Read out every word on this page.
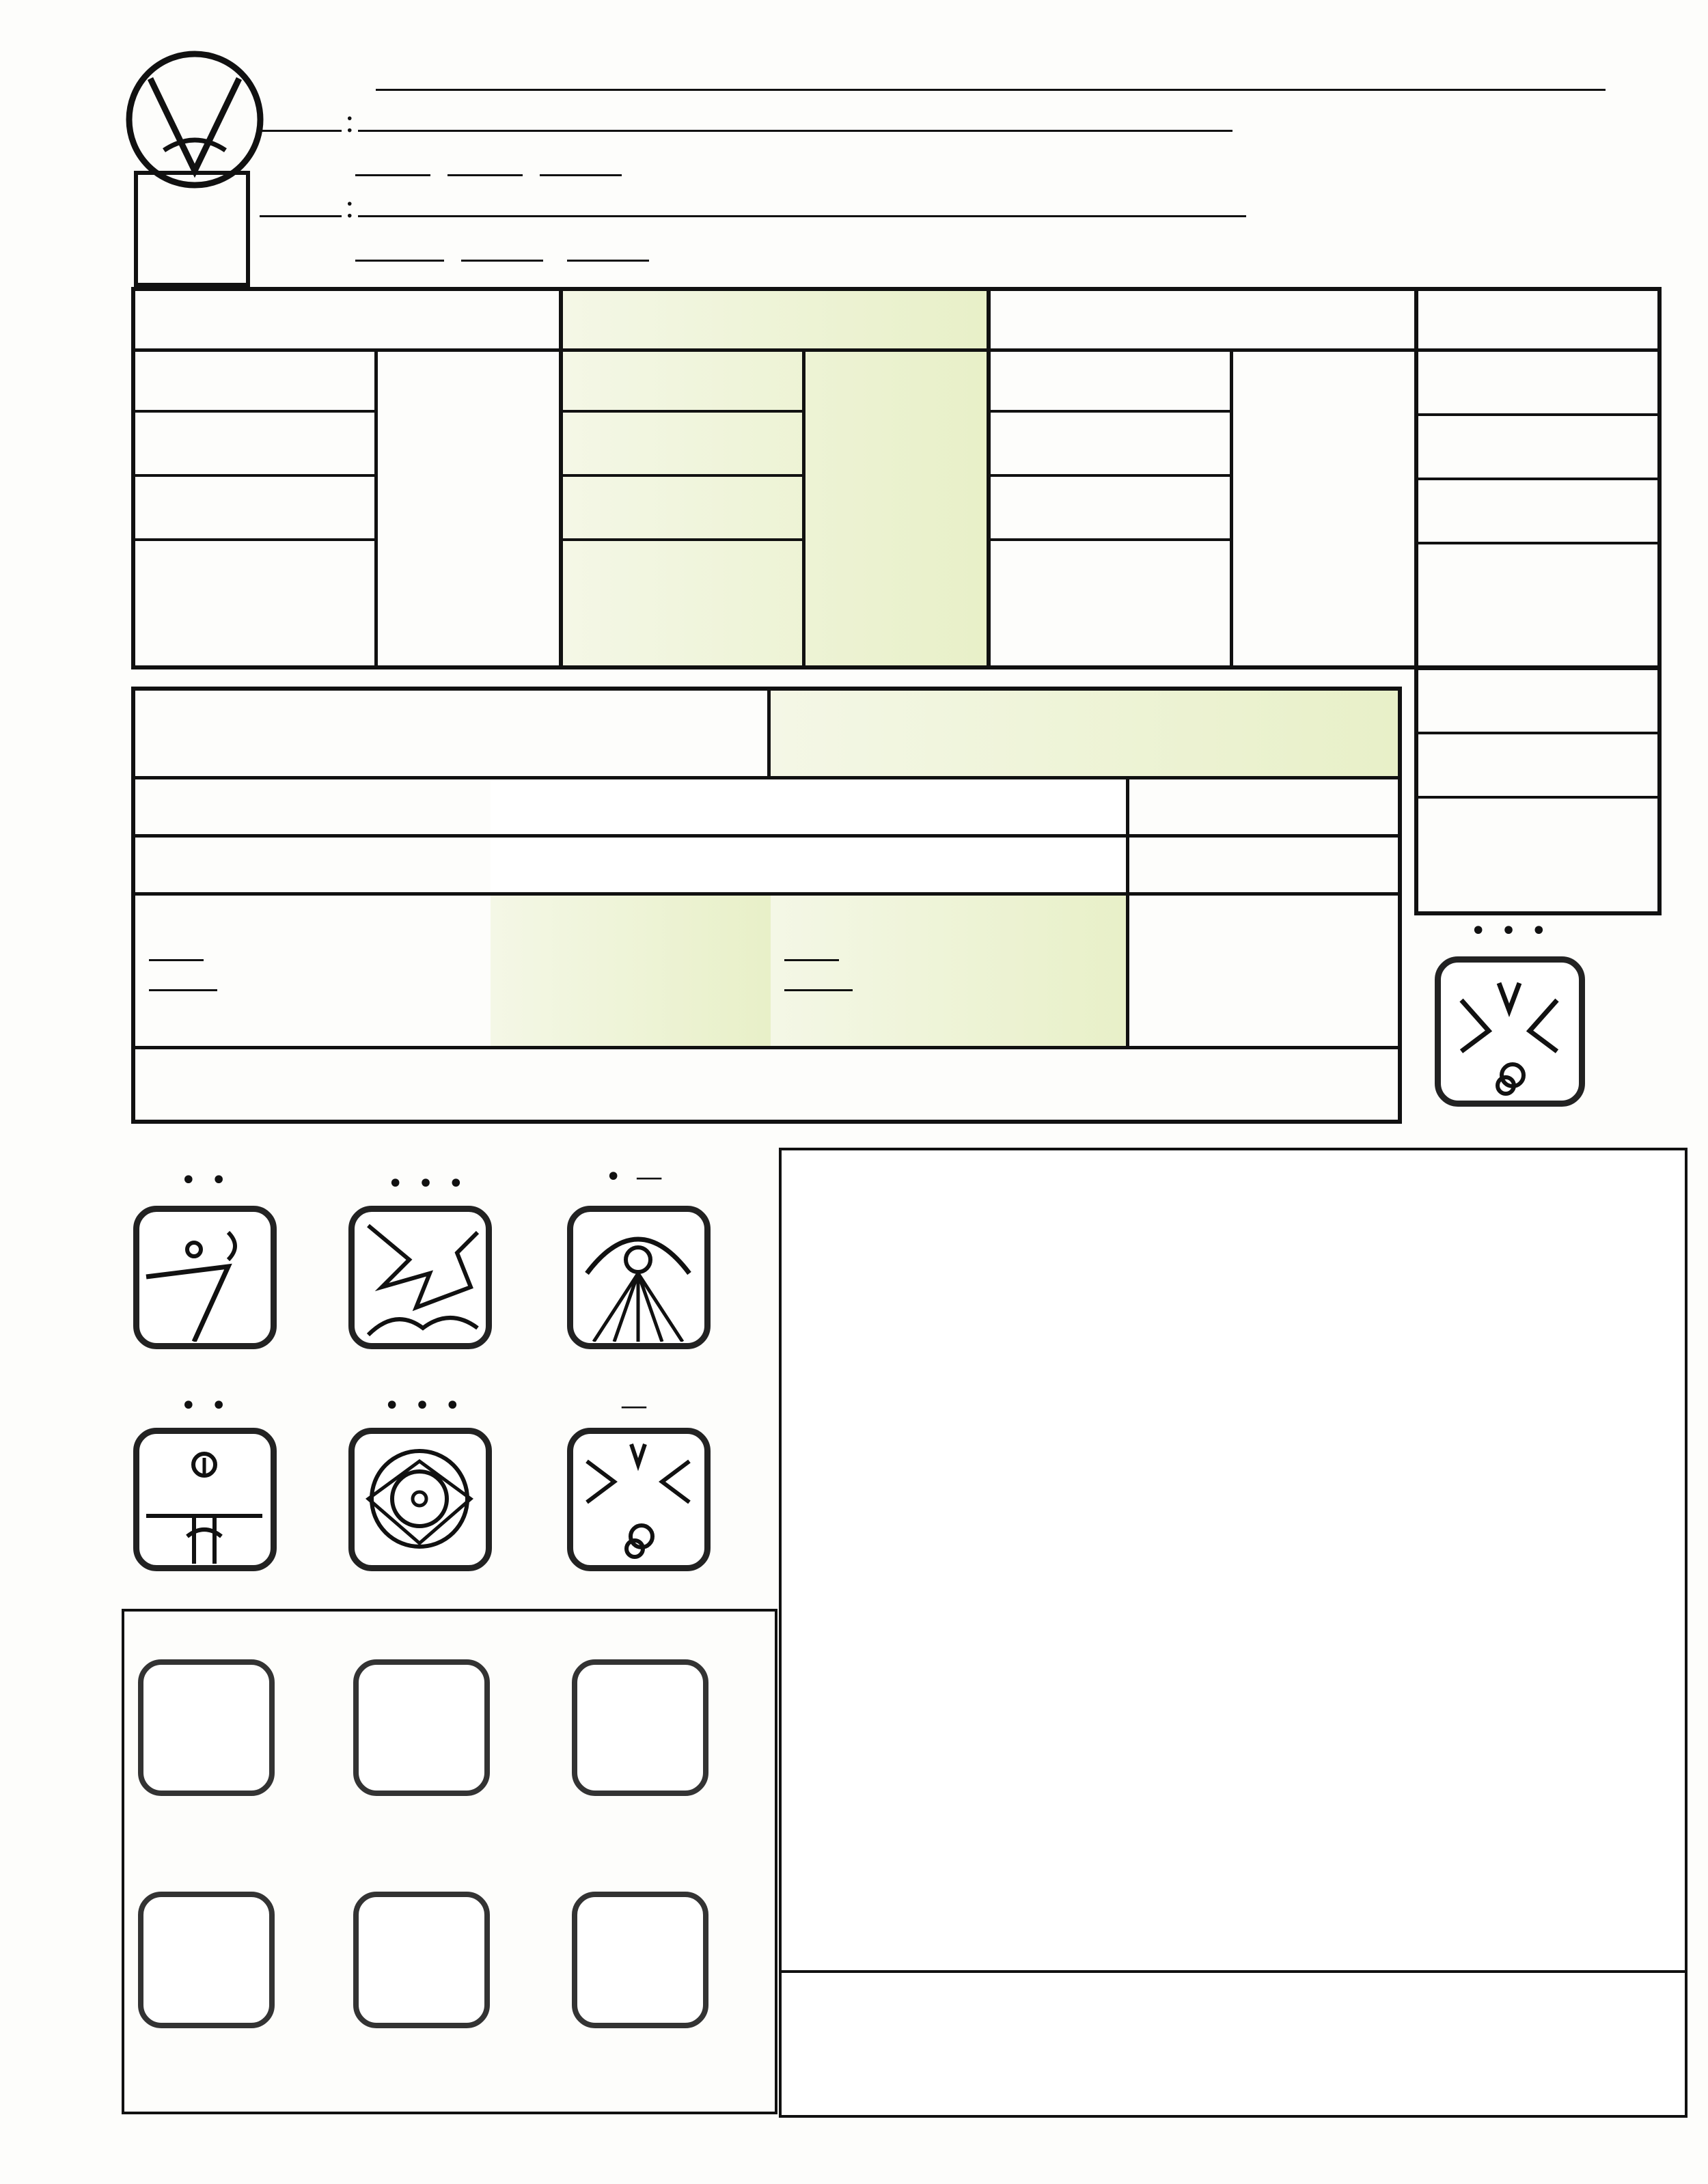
:

:

• • •
• •	• • •	• —
• •	• • •	—
